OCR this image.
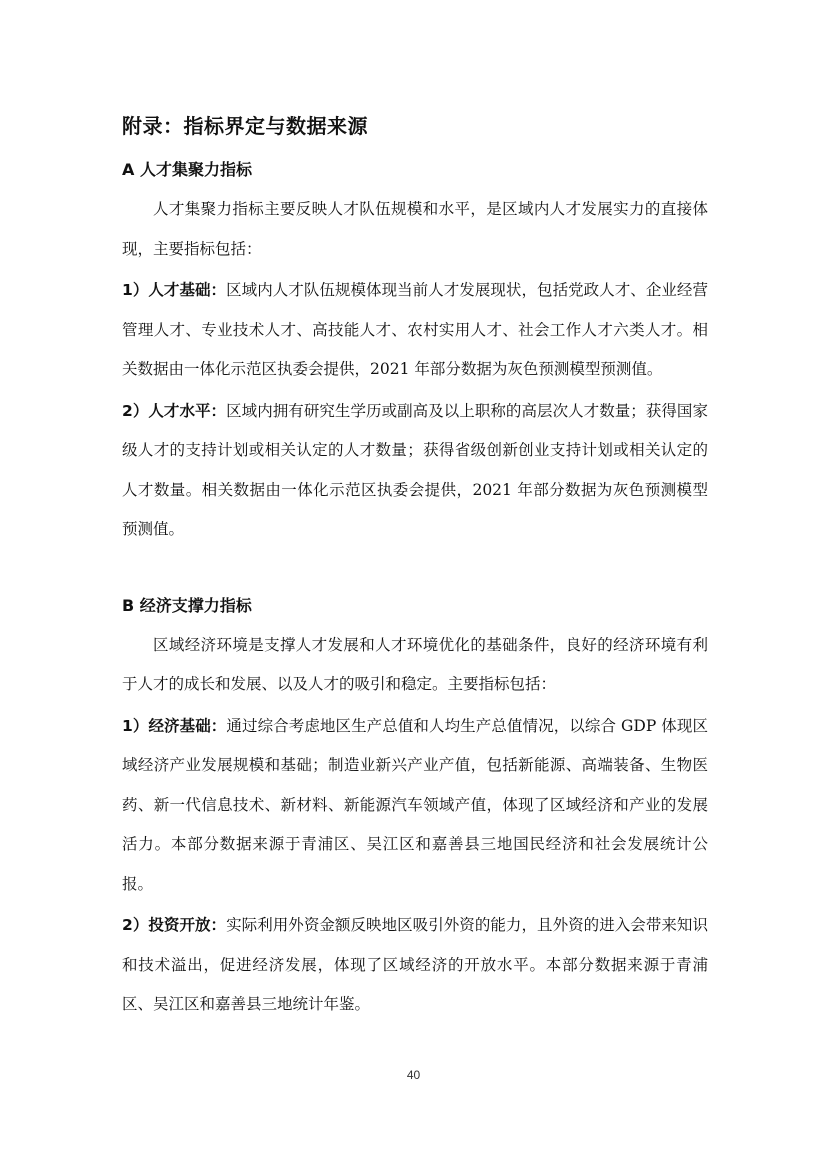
附录：指标界定与数据来源
A 人才集聚力指标

人才集聚力指标主要反映人才队伍规模和水平，是区域内人才发展实力的直接体现，主要指标包括：

1）人才基础：区域内人才队伍规模体现当前人才发展现状，包括党政人才、企业经营管理人才、专业技术人才、高技能人才、农村实用人才、社会工作人才六类人才。相关数据由一体化示范区执委会提供，2021 年部分数据为灰色预测模型预测值。

2）人才水平：区域内拥有研究生学历或副高及以上职称的高层次人才数量；获得国家级人才的支持计划或相关认定的人才数量；获得省级创新创业支持计划或相关认定的人才数量。相关数据由一体化示范区执委会提供，2021 年部分数据为灰色预测模型预测值。

B 经济支撑力指标

区域经济环境是支撑人才发展和人才环境优化的基础条件，良好的经济环境有利于人才的成长和发展、以及人才的吸引和稳定。主要指标包括：

1）经济基础：通过综合考虑地区生产总值和人均生产总值情况，以综合 GDP 体现区域经济产业发展规模和基础；制造业新兴产业产值，包括新能源、高端装备、生物医药、新一代信息技术、新材料、新能源汽车领域产值，体现了区域经济和产业的发展活力。本部分数据来源于青浦区、吴江区和嘉善县三地国民经济和社会发展统计公报。

2）投资开放：实际利用外资金额反映地区吸引外资的能力，且外资的进入会带来知识和技术溢出，促进经济发展，体现了区域经济的开放水平。本部分数据来源于青浦区、吴江区和嘉善县三地统计年鉴。

40
